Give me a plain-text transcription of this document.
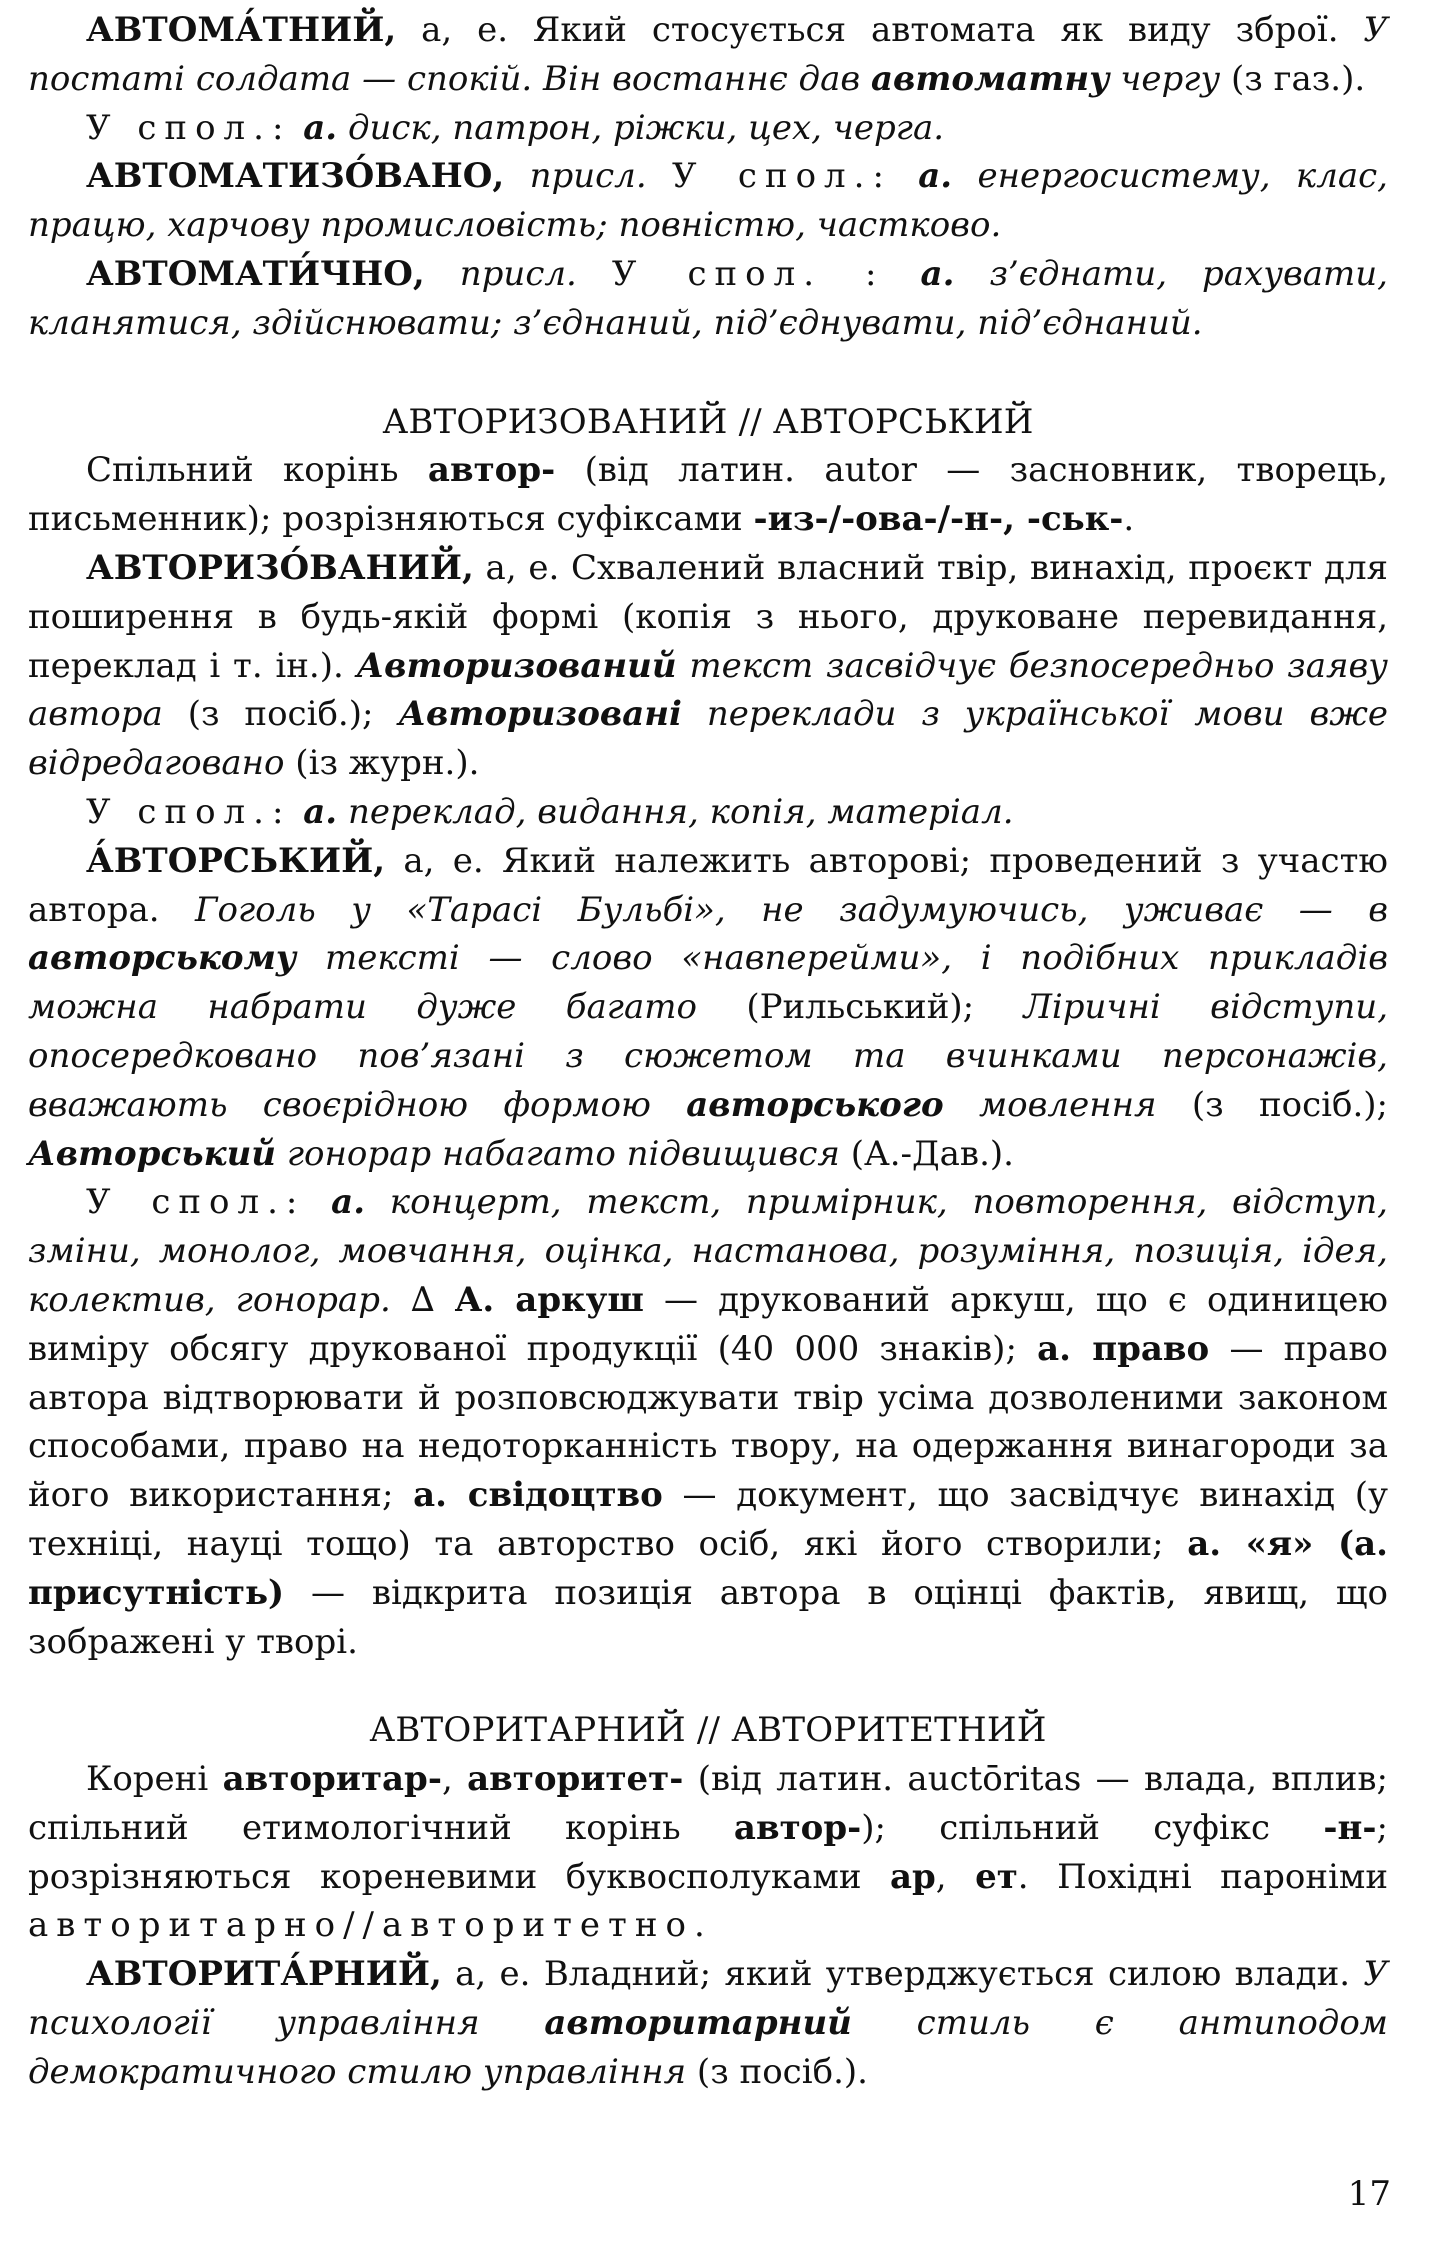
АВТОМА́ТНИЙ, а, е. Який стосується автомата як виду зброї. У постаті солдата — спокій. Він востаннє дав автоматну чергу (з газ.).

У спол.: а. диск, патрон, ріжки, цех, черга.

АВТОМАТИЗО́ВАНО, присл. У спол.: а. енергосистему, клас, працю, харчову промисловість; повністю, частково.

АВТОМАТИ́ЧНО, присл. У спол. : а. з’єднати, рахувати, кланятися, здійснювати; з’єднаний, під’єднувати, під’єднаний.

АВТОРИЗОВАНИЙ // АВТОРСЬКИЙ

Спільний корінь автор- (від латин. autor — засновник, творець, письменник); розрізняються суфіксами -из-/-ова-/-н-, -ськ-.

АВТОРИЗО́ВАНИЙ, а, е. Схвалений власний твір, винахід, проєкт для поширення в будь-якій формі (копія з нього, друковане перевидання, переклад і т. ін.). Авторизований текст засвідчує безпосередньо заяву автора (з посіб.); Авторизовані переклади з української мови вже відредаговано (із журн.).

У спол.: а. переклад, видання, копія, матеріал.

А́ВТОРСЬКИЙ, а, е. Який належить авторові; проведений з участю автора. Гоголь у «Тарасі Бульбі», не задумуючись, уживає — в авторському тексті — слово «навперейми», і подібних прикладів можна набрати дуже багато (Рильський); Ліричні відступи, опосередковано пов’язані з сюжетом та вчинками персонажів, вважають своєрідною формою авторського мовлення (з посіб.); Авторський гонорар набагато підвищився (А.-Дав.).

У спол.: а. концерт, текст, примірник, повторення, відступ, зміни, монолог, мовчання, оцінка, настанова, розуміння, позиція, ідея, колектив, гонорар. ∆ А. аркуш — друкований аркуш, що є одиницею виміру обсягу друкованої продукції (40 000 знаків); а. право — право автора відтворювати й розповсюджувати твір усіма дозволеними законом способами, право на недоторканність твору, на одержання винагороди за його використання; а. свідоцтво — документ, що засвідчує винахід (у техніці, науці тощо) та авторство осіб, які його створили; а. «я» (а. присутність) — відкрита позиція автора в оцінці фактів, явищ, що зображені у творі.

АВТОРИТАРНИЙ // АВТОРИТЕТНИЙ

Корені авторитар-, авторитет- (від латин. auctōritas — влада, вплив; спільний етимологічний корінь автор-); спільний суфікс -н-; розрізняються кореневими буквосполуками ар, ет. Похідні пароніми авторитарно//авторитетно.

АВТОРИТА́РНИЙ, а, е. Владний; який утверджується силою влади. У психології управління авторитарний стиль є антиподом демократичного стилю управління (з посіб.).

17
